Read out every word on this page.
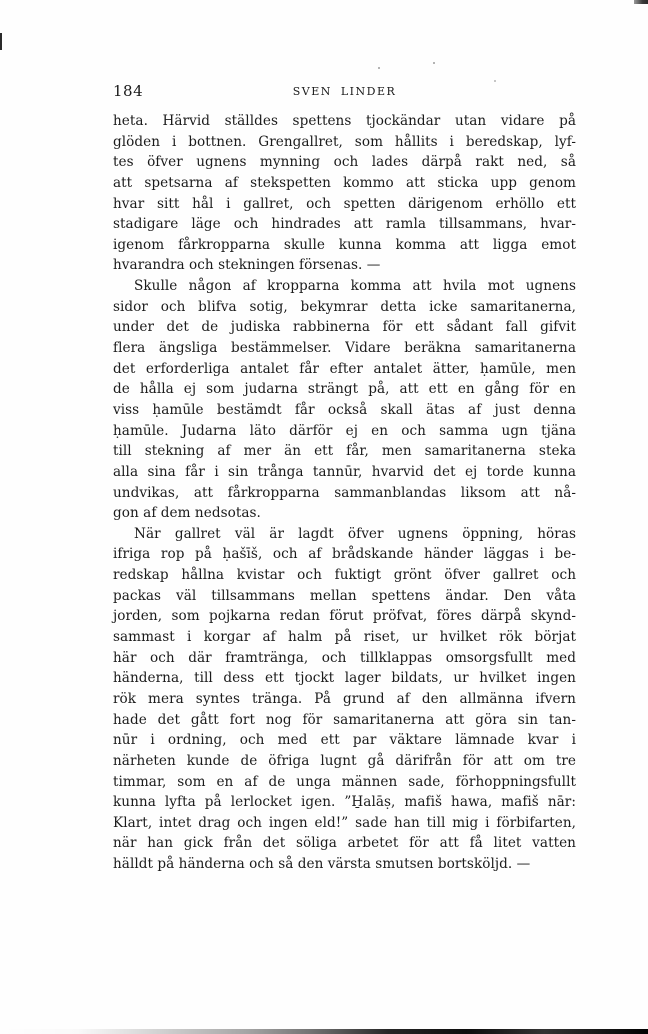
184	SVEN LINDER
heta. Härvid ställdes spettens tjockändar utan vidare på
glöden i bottnen. Grengallret, som hållits i beredskap, lyf-
tes öfver ugnens mynning och lades därpå rakt ned, så
att spetsarna af stekspetten kommo att sticka upp genom
hvar sitt hål i gallret, och spetten därigenom erhöllo ett
stadigare läge och hindrades att ramla tillsammans, hvar-
igenom fårkropparna skulle kunna komma att ligga emot
hvarandra och stekningen försenas. —
Skulle någon af kropparna komma att hvila mot ugnens
sidor och blifva sotig, bekymrar detta icke samaritanerna,
under det de judiska rabbinerna för ett sådant fall gifvit
flera ängsliga bestämmelser. Vidare beräkna samaritanerna
det erforderliga antalet får efter antalet ätter, ḥamūle, men
de hålla ej som judarna strängt på, att ett en gång för en
viss ḥamūle bestämdt får också skall ätas af just denna
ḥamūle. Judarna läto därför ej en och samma ugn tjäna
till stekning af mer än ett får, men samaritanerna steka
alla sina får i sin trånga tannūr, hvarvid det ej torde kunna
undvikas, att fårkropparna sammanblandas liksom att nå-
gon af dem nedsotas.
När gallret väl är lagdt öfver ugnens öppning, höras
ifriga rop på ḥašīš, och af brådskande händer läggas i be-
redskap hållna kvistar och fuktigt grönt öfver gallret och
packas väl tillsammans mellan spettens ändar. Den våta
jorden, som pojkarna redan förut pröfvat, föres därpå skynd-
sammast i korgar af halm på riset, ur hvilket rök börjat
här och där framtränga, och tillklappas omsorgsfullt med
händerna, till dess ett tjockt lager bildats, ur hvilket ingen
rök mera syntes tränga. På grund af den allmänna ifvern
hade det gått fort nog för samaritanerna att göra sin tan-
nūr i ordning, och med ett par väktare lämnade kvar i
närheten kunde de öfriga lugnt gå därifrån för att om tre
timmar, som en af de unga männen sade, förhoppningsfullt
kunna lyfta på lerlocket igen. ”H̱alāṣ, mafiš hawa, mafiš nār:
Klart, intet drag och ingen eld!” sade han till mig i förbifarten,
när han gick från det söliga arbetet för att få litet vatten
hälldt på händerna och så den värsta smutsen bortsköljd. —
